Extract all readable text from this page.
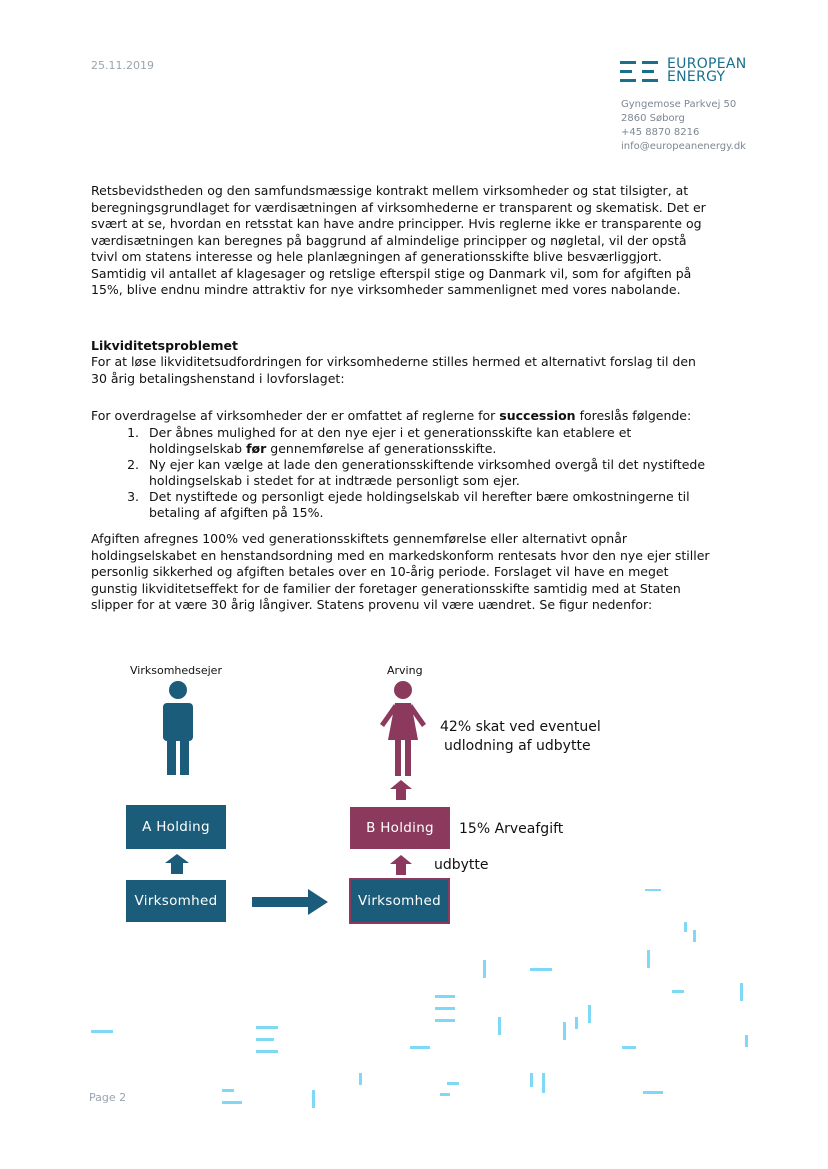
25.11.2019	EUROPEAN
ENERGY
Gyngemose Parkvej 50
2860 Søborg
+45 8870 8216
info@europeanenergy.dk

Retsbevidstheden og den samfundsmæssige kontrakt mellem virksomheder og stat tilsigter, at beregningsgrundlaget for værdisætningen af virksomhederne er transparent og skematisk. Det er svært at se, hvordan en retsstat kan have andre principper. Hvis reglerne ikke er transparente og værdisætningen kan beregnes på baggrund af almindelige principper og nøgletal, vil der opstå tvivl om statens interesse og hele planlægningen af generationsskifte blive besværliggjort. Samtidig vil antallet af klagesager og retslige efterspil stige og Danmark vil, som for afgiften på 15%, blive endnu mindre attraktiv for nye virksomheder sammenlignet med vores nabolande.

Likviditetsproblemet

For at løse likviditetsudfordringen for virksomhederne stilles hermed et alternativt forslag til den 30 årig betalingshenstand i lovforslaget:

For overdragelse af virksomheder der er omfattet af reglerne for succession foreslås følgende:

1. Der åbnes mulighed for at den nye ejer i et generationsskifte kan etablere et holdingselskab før gennemførelse af generationsskifte.
2. Ny ejer kan vælge at lade den generationsskiftende virksomhed overgå til det nystiftede holdingselskab i stedet for at indtræde personligt som ejer.
3. Det nystiftede og personligt ejede holdingselskab vil herefter bære omkostningerne til betaling af afgiften på 15%.

Afgiften afregnes 100% ved generationsskiftets gennemførelse eller alternativt opnår holdingselskabet en henstandsordning med en markedskonform rentesats hvor den nye ejer stiller personlig sikkerhed og afgiften betales over en 10-årig periode. Forslaget vil have en meget gunstig likviditetseffekt for de familier der foretager generationsskifte samtidig med at Staten slipper for at være 30 årig långiver. Statens provenu vil være uændret. Se figur nedenfor:

Virksomhedsejer	Arving
42% skat ved eventuel
udlodning af udbytte
A Holding	B Holding	15% Arveafgift
udbytte
Virksomhed	Virksomhed
Page 2
